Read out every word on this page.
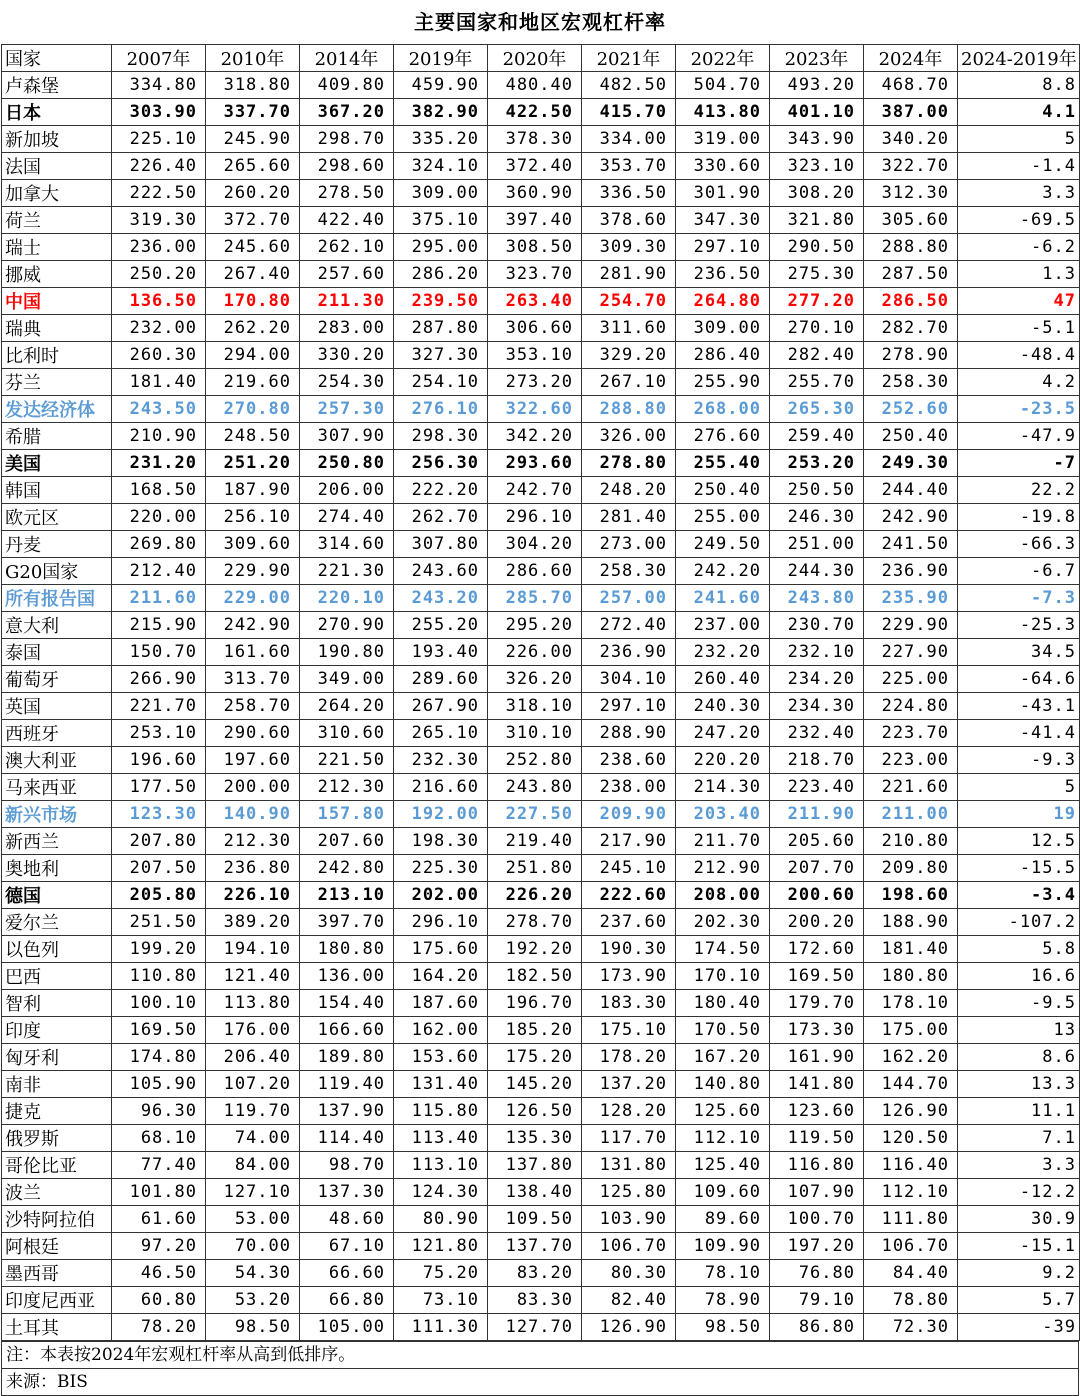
主要国家和地区宏观杠杆率
国家	2007年	2010年	2014年	2019年	2020年	2021年	2022年	2023年	2024年	2024-2019年
卢森堡	334.80	318.80	409.80	459.90	480.40	482.50	504.70	493.20	468.70	8.8
日本	303.90	337.70	367.20	382.90	422.50	415.70	413.80	401.10	387.00	4.1
新加坡	225.10	245.90	298.70	335.20	378.30	334.00	319.00	343.90	340.20	5
法国	226.40	265.60	298.60	324.10	372.40	353.70	330.60	323.10	322.70	-1.4
加拿大	222.50	260.20	278.50	309.00	360.90	336.50	301.90	308.20	312.30	3.3
荷兰	319.30	372.70	422.40	375.10	397.40	378.60	347.30	321.80	305.60	-69.5
瑞士	236.00	245.60	262.10	295.00	308.50	309.30	297.10	290.50	288.80	-6.2
挪威	250.20	267.40	257.60	286.20	323.70	281.90	236.50	275.30	287.50	1.3
中国	136.50	170.80	211.30	239.50	263.40	254.70	264.80	277.20	286.50	47
瑞典	232.00	262.20	283.00	287.80	306.60	311.60	309.00	270.10	282.70	-5.1
比利时	260.30	294.00	330.20	327.30	353.10	329.20	286.40	282.40	278.90	-48.4
芬兰	181.40	219.60	254.30	254.10	273.20	267.10	255.90	255.70	258.30	4.2
发达经济体	243.50	270.80	257.30	276.10	322.60	288.80	268.00	265.30	252.60	-23.5
希腊	210.90	248.50	307.90	298.30	342.20	326.00	276.60	259.40	250.40	-47.9
美国	231.20	251.20	250.80	256.30	293.60	278.80	255.40	253.20	249.30	-7
韩国	168.50	187.90	206.00	222.20	242.70	248.20	250.40	250.50	244.40	22.2
欧元区	220.00	256.10	274.40	262.70	296.10	281.40	255.00	246.30	242.90	-19.8
丹麦	269.80	309.60	314.60	307.80	304.20	273.00	249.50	251.00	241.50	-66.3
G20国家	212.40	229.90	221.30	243.60	286.60	258.30	242.20	244.30	236.90	-6.7
所有报告国	211.60	229.00	220.10	243.20	285.70	257.00	241.60	243.80	235.90	-7.3
意大利	215.90	242.90	270.90	255.20	295.20	272.40	237.00	230.70	229.90	-25.3
泰国	150.70	161.60	190.80	193.40	226.00	236.90	232.20	232.10	227.90	34.5
葡萄牙	266.90	313.70	349.00	289.60	326.20	304.10	260.40	234.20	225.00	-64.6
英国	221.70	258.70	264.20	267.90	318.10	297.10	240.30	234.30	224.80	-43.1
西班牙	253.10	290.60	310.60	265.10	310.10	288.90	247.20	232.40	223.70	-41.4
澳大利亚	196.60	197.60	221.50	232.30	252.80	238.60	220.20	218.70	223.00	-9.3
马来西亚	177.50	200.00	212.30	216.60	243.80	238.00	214.30	223.40	221.60	5
新兴市场	123.30	140.90	157.80	192.00	227.50	209.90	203.40	211.90	211.00	19
新西兰	207.80	212.30	207.60	198.30	219.40	217.90	211.70	205.60	210.80	12.5
奥地利	207.50	236.80	242.80	225.30	251.80	245.10	212.90	207.70	209.80	-15.5
德国	205.80	226.10	213.10	202.00	226.20	222.60	208.00	200.60	198.60	-3.4
爱尔兰	251.50	389.20	397.70	296.10	278.70	237.60	202.30	200.20	188.90	-107.2
以色列	199.20	194.10	180.80	175.60	192.20	190.30	174.50	172.60	181.40	5.8
巴西	110.80	121.40	136.00	164.20	182.50	173.90	170.10	169.50	180.80	16.6
智利	100.10	113.80	154.40	187.60	196.70	183.30	180.40	179.70	178.10	-9.5
印度	169.50	176.00	166.60	162.00	185.20	175.10	170.50	173.30	175.00	13
匈牙利	174.80	206.40	189.80	153.60	175.20	178.20	167.20	161.90	162.20	8.6
南非	105.90	107.20	119.40	131.40	145.20	137.20	140.80	141.80	144.70	13.3
捷克	96.30	119.70	137.90	115.80	126.50	128.20	125.60	123.60	126.90	11.1
俄罗斯	68.10	74.00	114.40	113.40	135.30	117.70	112.10	119.50	120.50	7.1
哥伦比亚	77.40	84.00	98.70	113.10	137.80	131.80	125.40	116.80	116.40	3.3
波兰	101.80	127.10	137.30	124.30	138.40	125.80	109.60	107.90	112.10	-12.2
沙特阿拉伯	61.60	53.00	48.60	80.90	109.50	103.90	89.60	100.70	111.80	30.9
阿根廷	97.20	70.00	67.10	121.80	137.70	106.70	109.90	197.20	106.70	-15.1
墨西哥	46.50	54.30	66.60	75.20	83.20	80.30	78.10	76.80	84.40	9.2
印度尼西亚	60.80	53.20	66.80	73.10	83.30	82.40	78.90	79.10	78.80	5.7
土耳其	78.20	98.50	105.00	111.30	127.70	126.90	98.50	86.80	72.30	-39
注：本表按2024年宏观杠杆率从高到低排序。
来源：BIS
